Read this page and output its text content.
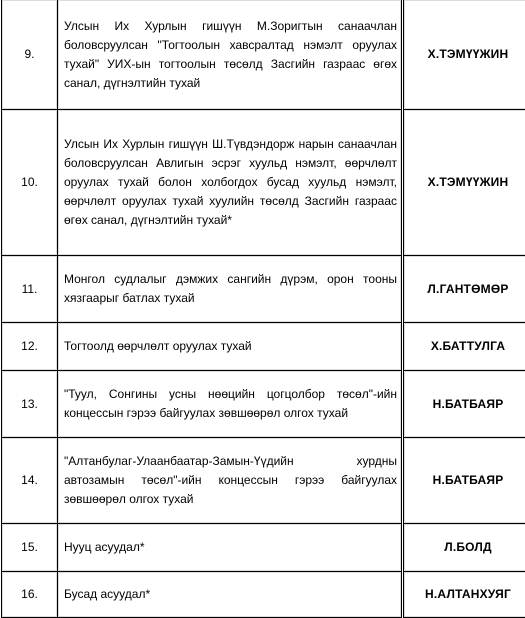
9.	Улсын Их Хурлын гишүүн М.Зоригтын санаачлан боловсруулсан "Тогтоолын хавсралтад нэмэлт оруулах тухай" УИХ-ын тогтоолын төсөлд Засгийн газраас өгөх санал, дүгнэлтийн тухай	Х.ТЭМҮҮЖИН
10.	Улсын Их Хурлын гишүүн Ш.Түвдэндорж нарын санаачлан боловсруулсан Авлигын эсрэг хуульд нэмэлт, өөрчлөлт оруулах тухай болон холбогдох бусад хуульд нэмэлт, өөрчлөлт оруулах тухай хуулийн төсөлд Засгийн газраас өгөх санал, дүгнэлтийн тухай*	Х.ТЭМҮҮЖИН
11.	Монгол судлалыг дэмжих сангийн дүрэм, орон тооны хязгаарыг батлах тухай	Л.ГАНТӨМӨР
12.	Тогтоолд өөрчлөлт оруулах тухай	Х.БАТТУЛГА
13.	"Туул, Сонгины усны нөөцийн цогцолбор төсөл"-ийн концессын гэрээ байгуулах зөвшөөрөл олгох тухай	Н.БАТБАЯР
14.	"Алтанбулаг-Улаанбаатар-Замын-Үүдийн хурдны автозамын төсөл"-ийн концессын гэрээ байгуулах зөвшөөрөл олгох тухай	Н.БАТБАЯР
15.	Нууц асуудал*	Л.БОЛД
16.	Бусад асуудал*	Н.АЛТАНХУЯГ
